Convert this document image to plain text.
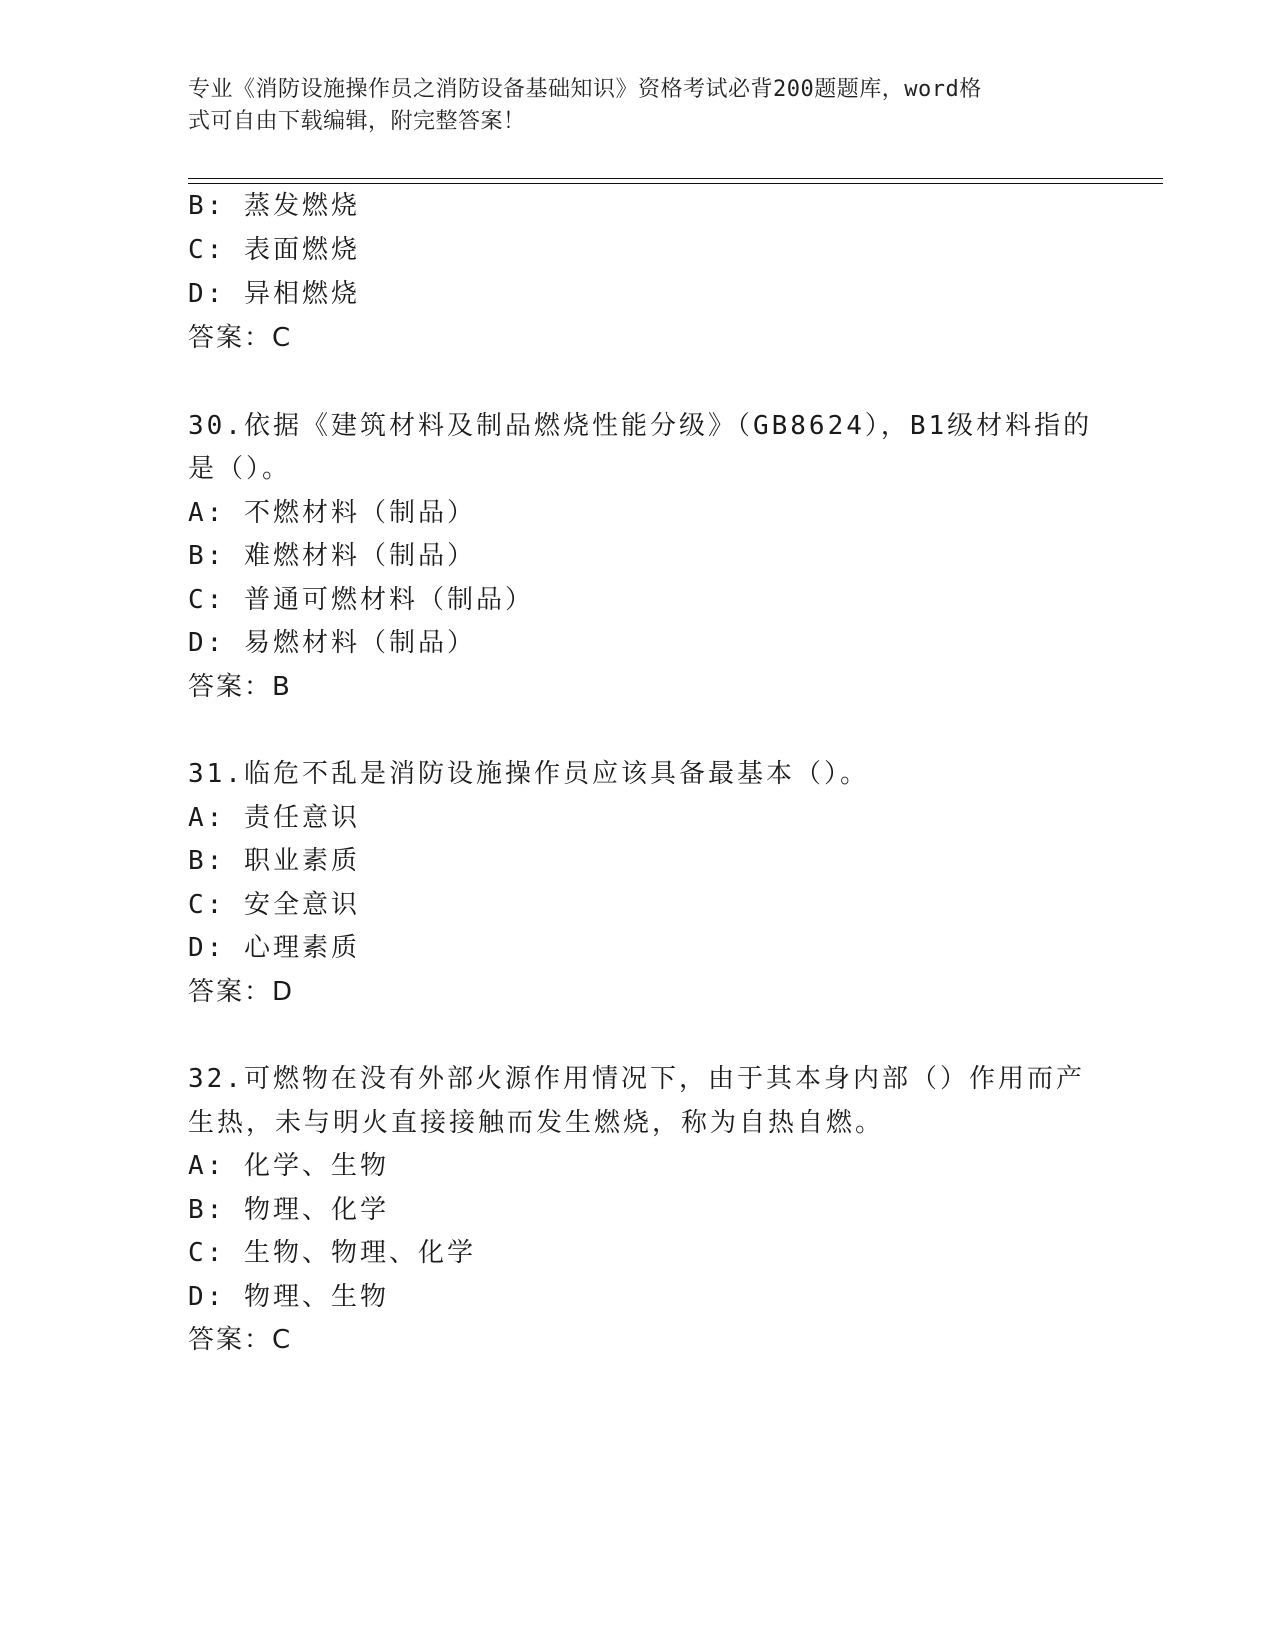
专业《消防设施操作员之消防设备基础知识》资格考试必背200题题库，word格
式可自由下载编辑，附完整答案！
B: 蒸发燃烧
C: 表面燃烧
D: 异相燃烧
答案：C
30.依据《建筑材料及制品燃烧性能分级》（GB8624），B1级材料指的
是（）。
A: 不燃材料（制品）
B: 难燃材料（制品）
C: 普通可燃材料（制品）
D: 易燃材料（制品）
答案：B
31.临危不乱是消防设施操作员应该具备最基本（）。
A: 责任意识
B: 职业素质
C: 安全意识
D: 心理素质
答案：D
32.可燃物在没有外部火源作用情况下，由于其本身内部（）作用而产
生热，未与明火直接接触而发生燃烧，称为自热自燃。
A: 化学、生物
B: 物理、化学
C: 生物、物理、化学
D: 物理、生物
答案：C
